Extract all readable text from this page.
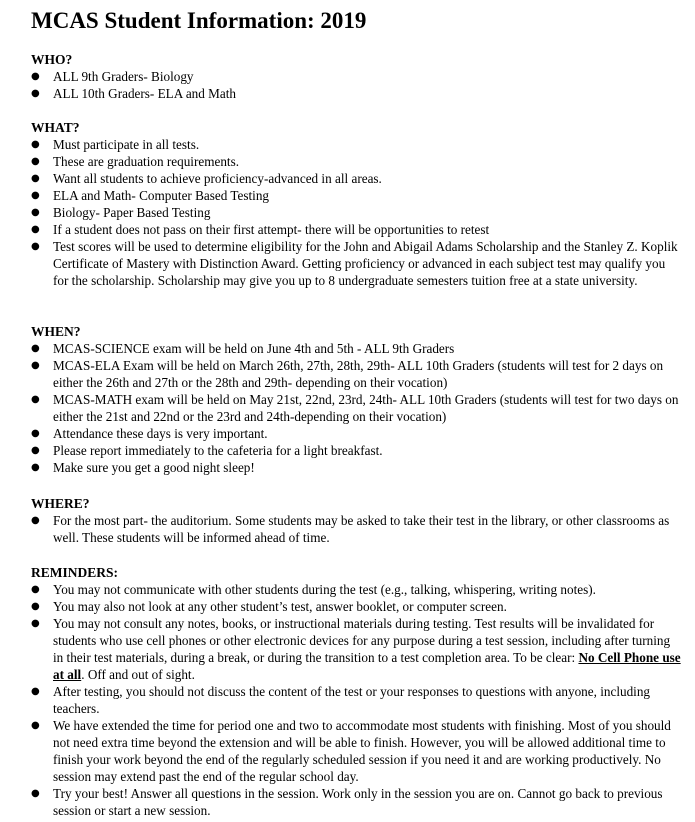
MCAS Student Information: 2019
WHO?
● ALL 9th Graders- Biology
● ALL 10th Graders- ELA and Math
WHAT?
● Must participate in all tests.
● These are graduation requirements.
● Want all students to achieve proficiency-advanced in all areas.
● ELA and Math- Computer Based Testing
● Biology- Paper Based Testing
● If a student does not pass on their first attempt- there will be opportunities to retest
● Test scores will be used to determine eligibility for the John and Abigail Adams Scholarship and the Stanley Z. Koplik Certificate of Mastery with Distinction Award. Getting proficiency or advanced in each subject test may qualify you for the scholarship. Scholarship may give you up to 8 undergraduate semesters tuition free at a state university.
WHEN?
● MCAS-SCIENCE exam will be held on June 4th and 5th - ALL 9th Graders
● MCAS-ELA Exam will be held on March 26th, 27th, 28th, 29th- ALL 10th Graders (students will test for 2 days on either the 26th and 27th or the 28th and 29th- depending on their vocation)
● MCAS-MATH exam will be held on May 21st, 22nd, 23rd, 24th- ALL 10th Graders (students will test for two days on either the 21st and 22nd or the 23rd and 24th-depending on their vocation)
● Attendance these days is very important.
● Please report immediately to the cafeteria for a light breakfast.
● Make sure you get a good night sleep!
WHERE?
● For the most part- the auditorium. Some students may be asked to take their test in the library, or other classrooms as well. These students will be informed ahead of time.
REMINDERS:
● You may not communicate with other students during the test (e.g., talking, whispering, writing notes).
● You may also not look at any other student’s test, answer booklet, or computer screen.
● You may not consult any notes, books, or instructional materials during testing. Test results will be invalidated for students who use cell phones or other electronic devices for any purpose during a test session, including after turning in their test materials, during a break, or during the transition to a test completion area. To be clear: No Cell Phone use at all. Off and out of sight.
● After testing, you should not discuss the content of the test or your responses to questions with anyone, including teachers.
● We have extended the time for period one and two to accommodate most students with finishing. Most of you should not need extra time beyond the extension and will be able to finish. However, you will be allowed additional time to finish your work beyond the end of the regularly scheduled session if you need it and are working productively. No session may extend past the end of the regular school day.
● Try your best! Answer all questions in the session. Work only in the session you are on. Cannot go back to previous session or start a new session.
